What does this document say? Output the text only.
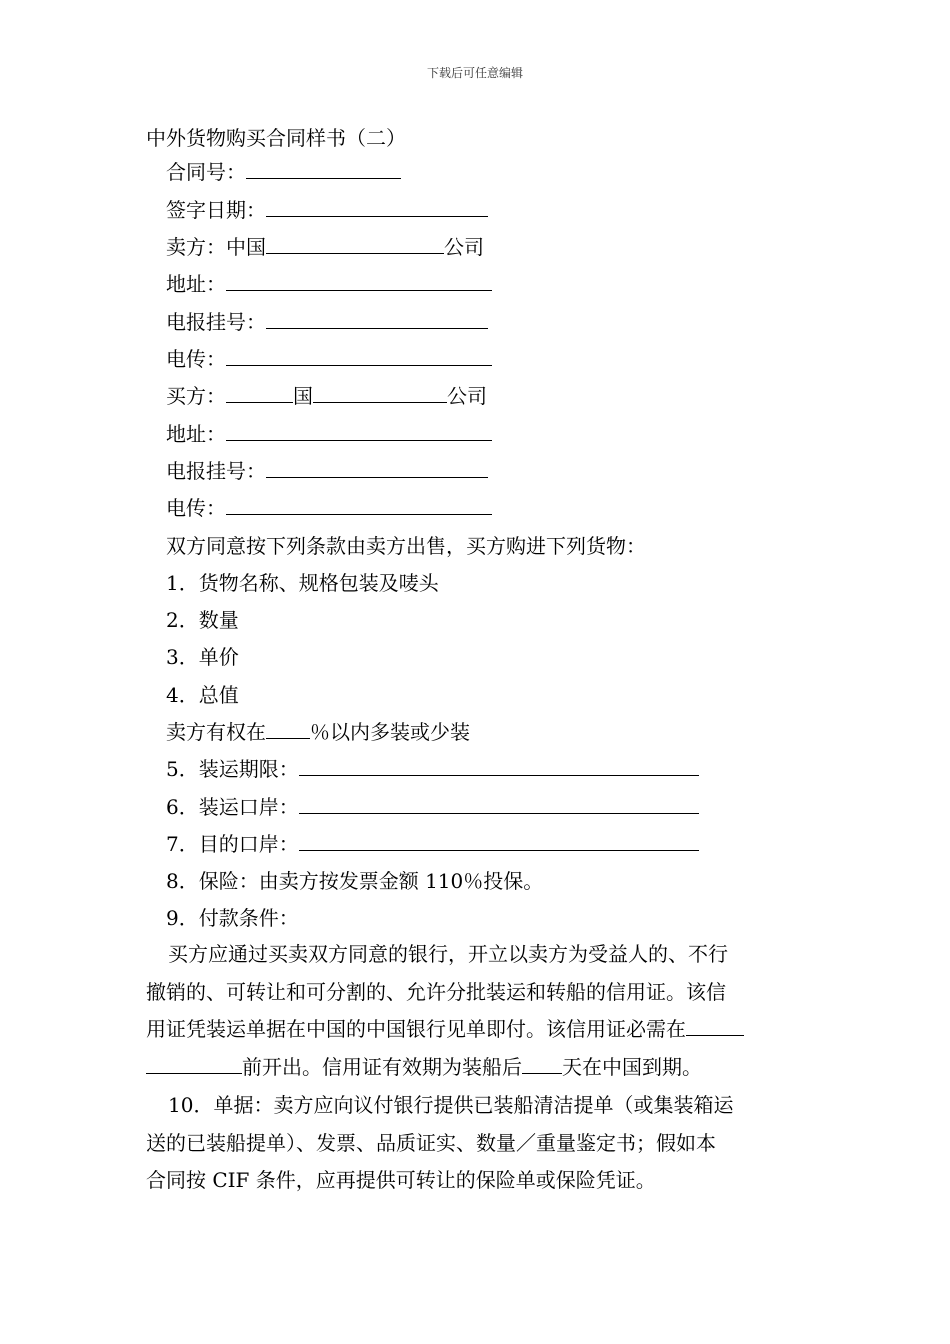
下载后可任意编辑
中外货物购买合同样书（二）
合同号：
签字日期：
卖方：中国	公司
地址：
电报挂号：
电传：
买方：	国	公司
地址：
电报挂号：
电传：
双方同意按下列条款由卖方出售，买方购进下列货物：
1．货物名称、规格包装及唛头
2．数量
3．单价
4．总值
卖方有权在 ％以内多装或少装
5．装运期限：
6．装运口岸：
7．目的口岸：
8．保险：由卖方按发票金额 110％投保。
9．付款条件：
买方应通过买卖双方同意的银行，开立以卖方为受益人的、不行
撤销的、可转让和可分割的、允许分批装运和转船的信用证。该信
用证凭装运单据在中国的中国银行见单即付。该信用证必需在
前开出。信用证有效期为装船后 天在中国到期。
10．单据：卖方应向议付银行提供已装船清洁提单（或集装箱运
送的已装船提单）、发票、品质证实、数量／重量鉴定书；假如本
合同按 CIF 条件，应再提供可转让的保险单或保险凭证。
